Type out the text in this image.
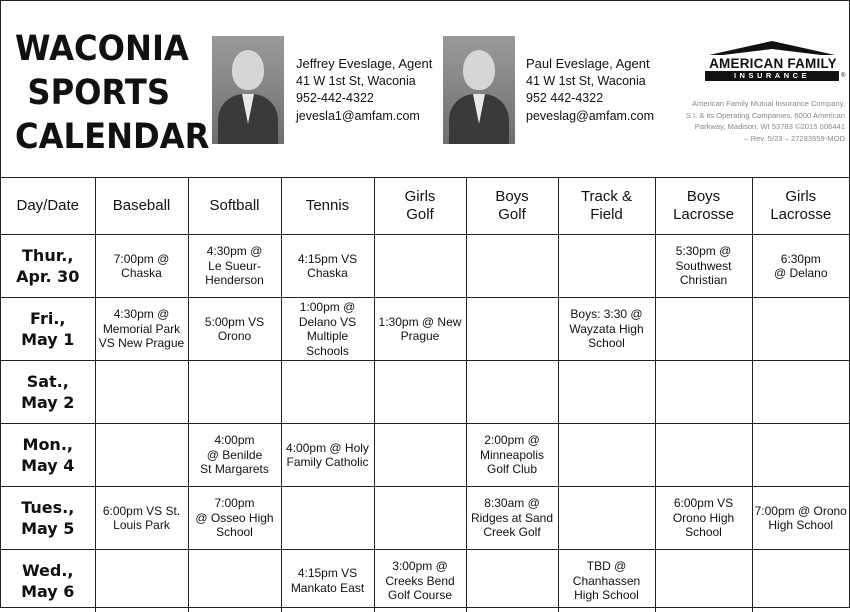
WACONIA
SPORTS
CALENDAR
Jeffrey Eveslage, Agent
41 W 1st St, Waconia
952-442-4322
jevesla1@amfam.com
Paul Eveslage, Agent
41 W 1st St, Waconia
952 442-4322
peveslаg@amfam.com
AMERICAN FAMILY
INSURANCE	®
American Family Mutual Insurance Company,
S.I. & its Operating Companies, 6000 American
Parkway, Madison, WI 53783 ©2015 006441
– Rev. 5/23 – 27283559-MOD
Day/Date	Baseball	Softball	Tennis	Girls
Golf	Boys
Golf	Track &
Field	Boys
Lacrosse	Girls
Lacrosse

Thur.,
Apr. 30	7:00pm @
Chaska	4:30pm @
Le Sueur-
Henderson	4:15pm VS
Chaska				5:30pm @
Southwest
Christian	6:30pm
@ Delano

Fri.,
May 1	4:30pm @
Memorial Park
VS New Prague	5:00pm VS
Orono	1:00pm @
Delano VS
Multiple
Schools	1:30pm @ New
Prague		Boys: 3:30 @
Wayzata High
School		

Sat.,
May 2								

Mon.,
May 4		4:00pm
@ Benilde
St Margarets	4:00pm @ Holy
Family Catholic		2:00pm @
Minneapolis
Golf Club			

Tues.,
May 5	6:00pm VS St.
Louis Park	7:00pm
@ Osseo High
School			8:30am @
Ridges at Sand
Creek Golf		6:00pm VS
Orono High
School	7:00pm @ Orono
High School

Wed.,
May 6			4:15pm VS
Mankato East	3:00pm @
Creeks Bend
Golf Course		TBD @
Chanhassen
High School		
